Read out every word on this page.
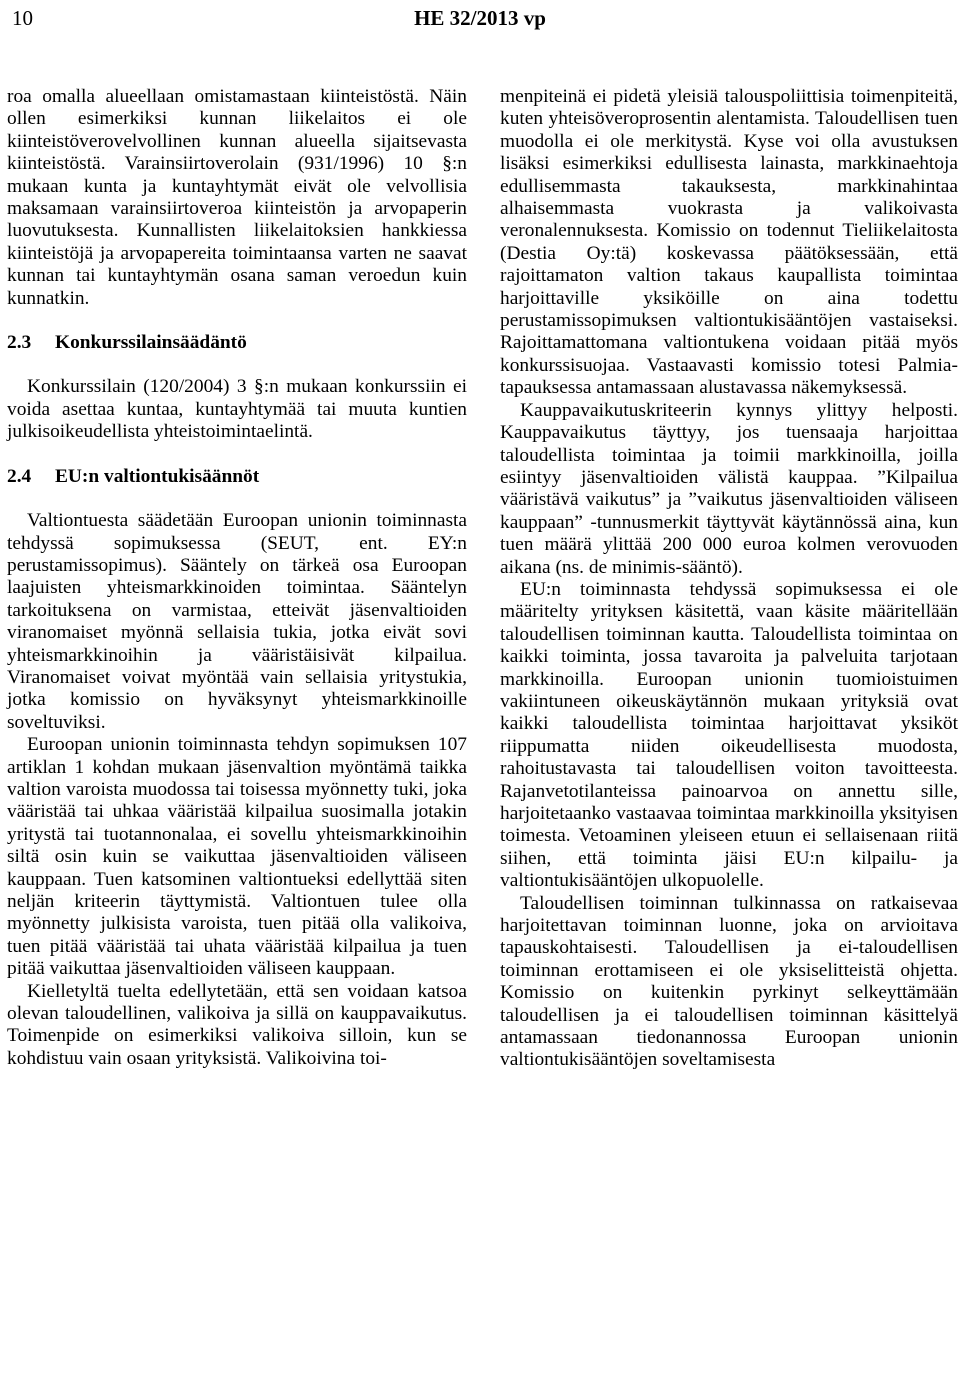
10	HE 32/2013 vp

roa omalla alueellaan omistamastaan kiinteistöstä. Näin ollen esimerkiksi kunnan liikelaitos ei ole kiinteistöverovelvollinen kunnan alueella sijaitsevasta kiinteistöstä. Varainsiirtoverolain (931/1996) 10 §:n mukaan kunta ja kuntayhtymät eivät ole velvollisia maksamaan varainsiirtoveroa kiinteistön ja arvopaperin luovutuksesta. Kunnallisten liikelaitoksien hankkiessa kiinteistöjä ja arvopapereita toimintaansa varten ne saavat kunnan tai kuntayhtymän osana saman veroedun kuin kunnatkin.

2.3 Konkurssilainsäädäntö

Konkurssilain (120/2004) 3 §:n mukaan konkurssiin ei voida asettaa kuntaa, kuntayhtymää tai muuta kuntien julkisoikeudellista yhteistoimintaelintä.

2.4 EU:n valtiontukisäännöt

Valtiontuesta säädetään Euroopan unionin toiminnasta tehdyssä sopimuksessa (SEUT, ent. EY:n perustamissopimus). Sääntely on tärkeä osa Euroopan laajuisten yhteismarkkinoiden toimintaa. Sääntelyn tarkoituksena on varmistaa, etteivät jäsenvaltioiden viranomaiset myönnä sellaisia tukia, jotka eivät sovi yhteismarkkinoihin ja vääristäisivät kilpailua. Viranomaiset voivat myöntää vain sellaisia yritystukia, jotka komissio on hyväksynyt yhteismarkkinoille soveltuviksi.

Euroopan unionin toiminnasta tehdyn sopimuksen 107 artiklan 1 kohdan mukaan jäsenvaltion myöntämä taikka valtion varoista muodossa tai toisessa myönnetty tuki, joka vääristää tai uhkaa vääristää kilpailua suosimalla jotakin yritystä tai tuotannonalaa, ei sovellu yhteismarkkinoihin siltä osin kuin se vaikuttaa jäsenvaltioiden väliseen kauppaan. Tuen katsominen valtiontueksi edellyttää siten neljän kriteerin täyttymistä. Valtiontuen tulee olla myönnetty julkisista varoista, tuen pitää olla valikoiva, tuen pitää vääristää tai uhata vääristää kilpailua ja tuen pitää vaikuttaa jäsenvaltioiden väliseen kauppaan.

Kielletyltä tuelta edellytetään, että sen voidaan katsoa olevan taloudellinen, valikoiva ja sillä on kauppavaikutus. Toimenpide on esimerkiksi valikoiva silloin, kun se kohdistuu vain osaan yrityksistä. Valikoivina toi-

menpiteinä ei pidetä yleisiä talouspoliittisia toimenpiteitä, kuten yhteisöveroprosentin alentamista. Taloudellisen tuen muodolla ei ole merkitystä. Kyse voi olla avustuksen lisäksi esimerkiksi edullisesta lainasta, markkinaehtoja edullisemmasta takauksesta, markkinahintaa alhaisemmasta vuokrasta ja valikoivasta veronalennuksesta. Komissio on todennut Tieliikelaitosta (Destia Oy:tä) koskevassa päätöksessään, että rajoittamaton valtion takaus kaupallista toimintaa harjoittaville yksiköille on aina todettu perustamissopimuksen valtiontukisääntöjen vastaiseksi. Rajoittamattomana valtiontukena voidaan pitää myös konkurssisuojaa. Vastaavasti komissio totesi Palmia-tapauksessa antamassaan alustavassa näkemyksessä.

Kauppavaikutuskriteerin kynnys ylittyy helposti. Kauppavaikutus täyttyy, jos tuensaaja harjoittaa taloudellista toimintaa ja toimii markkinoilla, joilla esiintyy jäsenvaltioiden välistä kauppaa. ”Kilpailua vääristävä vaikutus” ja ”vaikutus jäsenvaltioiden väliseen kauppaan” -tunnusmerkit täyttyvät käytännössä aina, kun tuen määrä ylittää 200 000 euroa kolmen verovuoden aikana (ns. de minimis-sääntö).

EU:n toiminnasta tehdyssä sopimuksessa ei ole määritelty yrityksen käsitettä, vaan käsite määritellään taloudellisen toiminnan kautta. Taloudellista toimintaa on kaikki toiminta, jossa tavaroita ja palveluita tarjotaan markkinoilla. Euroopan unionin tuomioistuimen vakiintuneen oikeuskäytännön mukaan yrityksiä ovat kaikki taloudellista toimintaa harjoittavat yksiköt riippumatta niiden oikeudellisesta muodosta, rahoitustavasta tai taloudellisen voiton tavoitteesta. Rajanvetotilanteissa painoarvoa on annettu sille, harjoitetaanko vastaavaa toimintaa markkinoilla yksityisen toimesta. Vetoaminen yleiseen etuun ei sellaisenaan riitä siihen, että toiminta jäisi EU:n kilpailu- ja valtiontukisääntöjen ulkopuolelle.

Taloudellisen toiminnan tulkinnassa on ratkaisevaa harjoitettavan toiminnan luonne, joka on arvioitava tapauskohtaisesti. Taloudellisen ja ei-taloudellisen toiminnan erottamiseen ei ole yksiselitteistä ohjetta. Komissio on kuitenkin pyrkinyt selkeyttämään taloudellisen ja ei taloudellisen toiminnan käsittelyä antamassaan tiedonannossa Euroopan unionin valtiontukisääntöjen soveltamisesta
